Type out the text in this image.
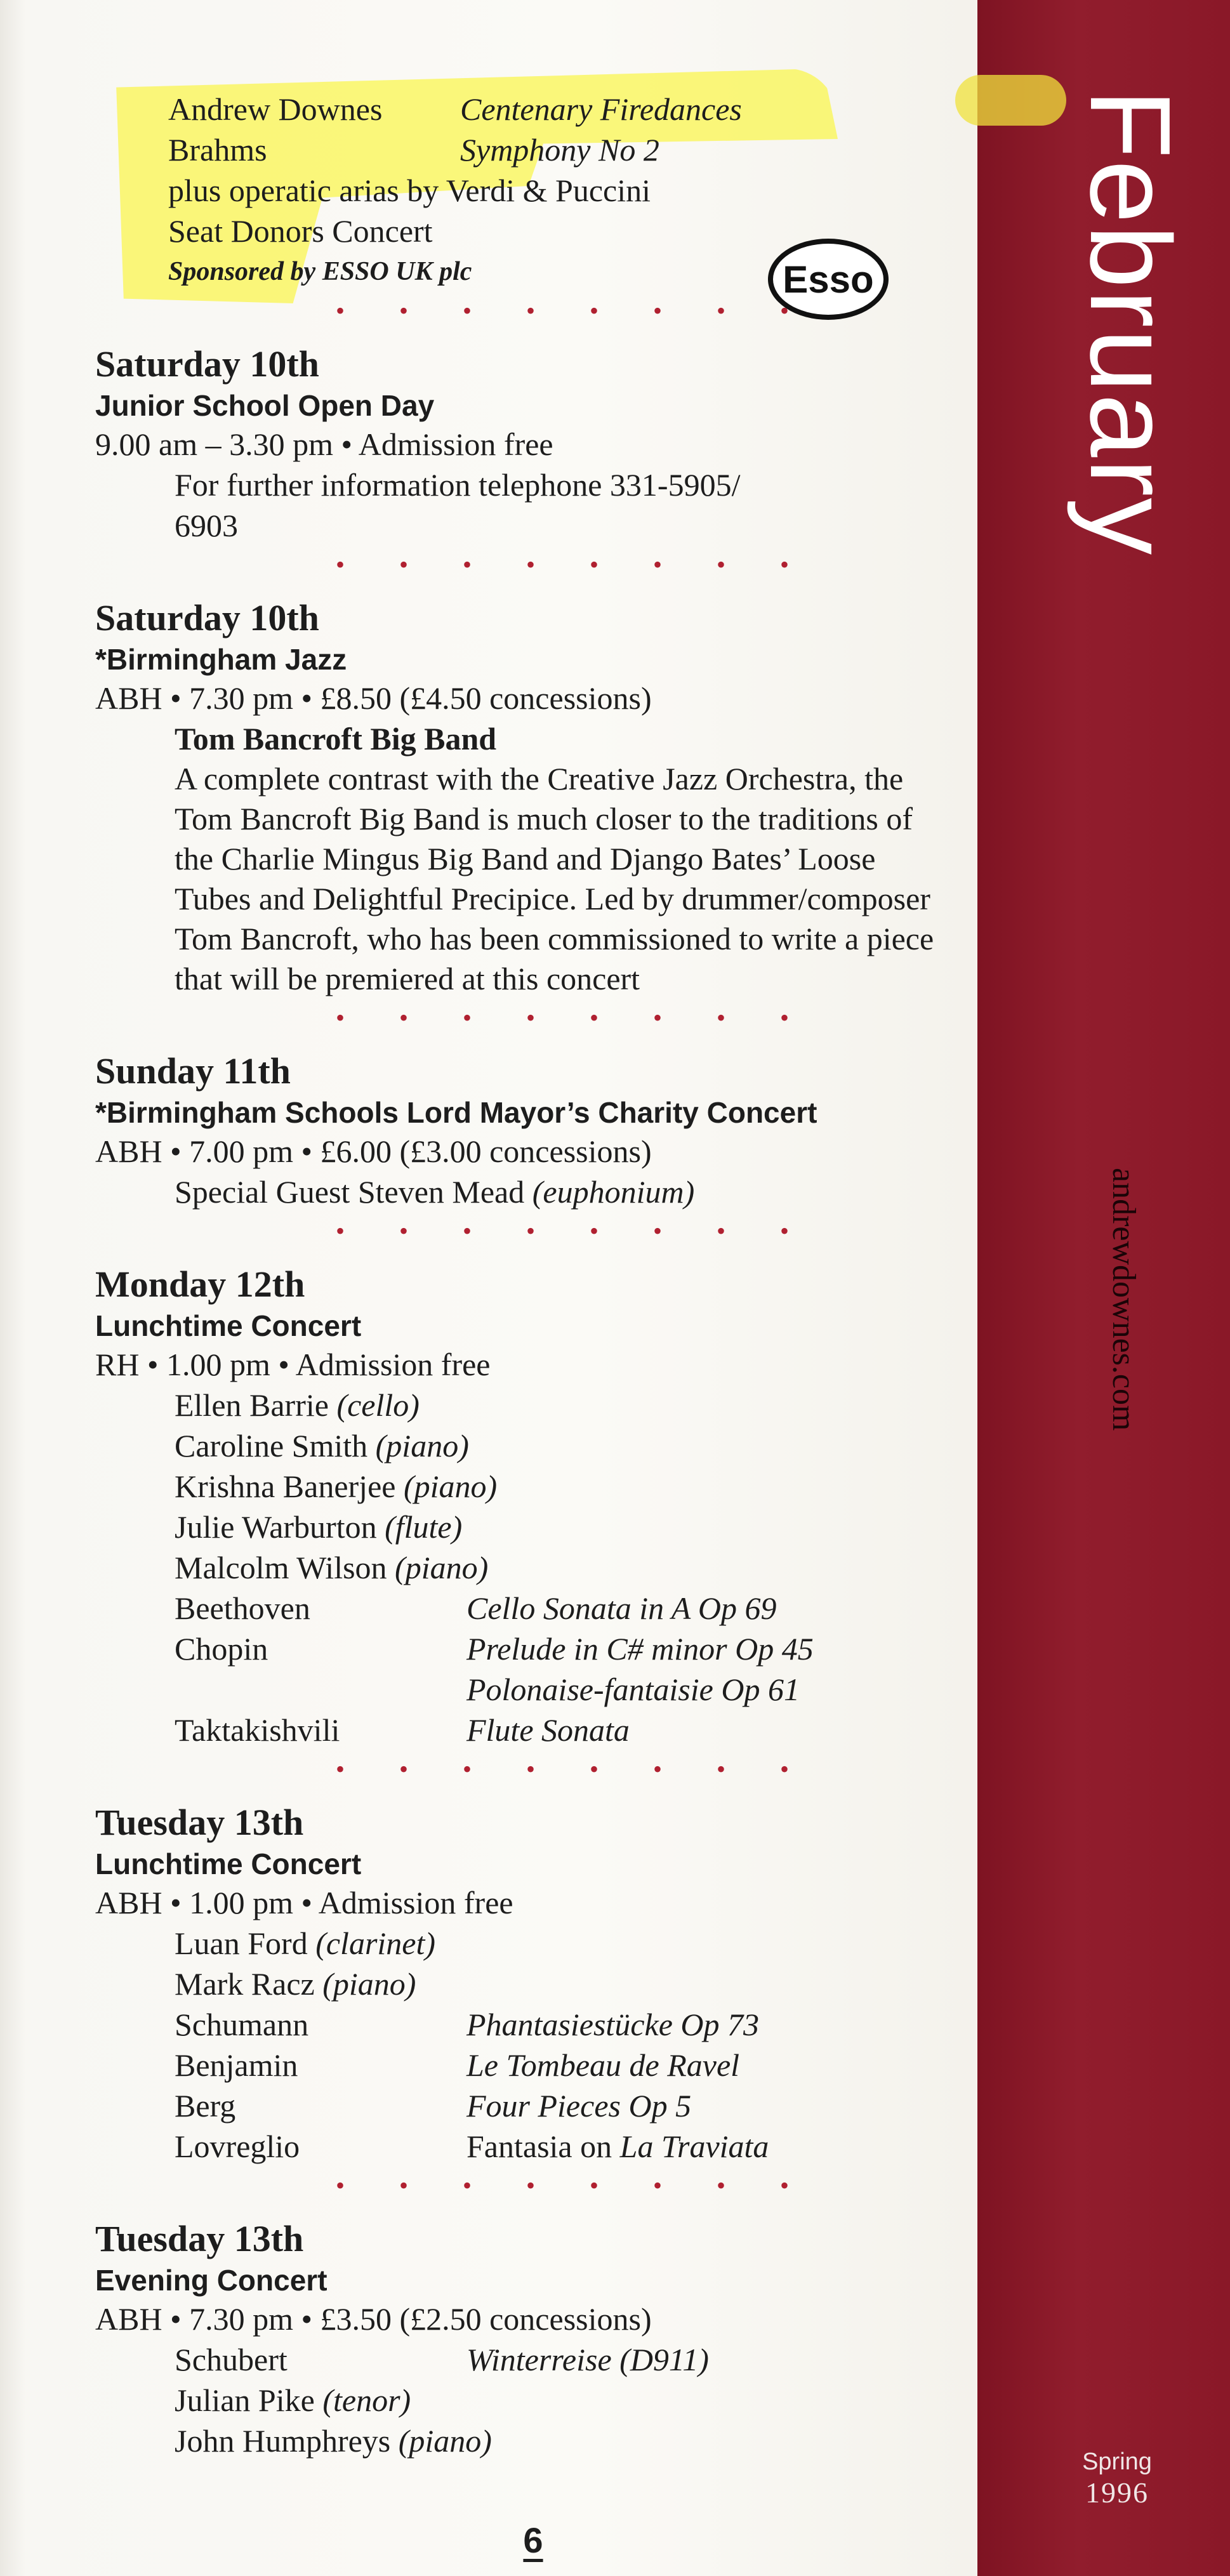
February
andrewdownes.com
Spring
1996
Esso
Andrew Downes Centenary Firedances
Brahms	Symphony No 2
plus operatic arias by Verdi & Puccini
Seat Donors Concert
Sponsored by ESSO UK plc
• • • • • • • •
Saturday 10th
Junior School Open Day
9.00 am – 3.30 pm • Admission free
For further information telephone 331-5905/
6903
• • • • • • • •
Saturday 10th
*Birmingham Jazz
ABH • 7.30 pm • £8.50 (£4.50 concessions)
Tom Bancroft Big Band
A complete contrast with the Creative Jazz Orchestra, the Tom Bancroft Big Band is much closer to the traditions of the Charlie Mingus Big Band and Django Bates’ Loose Tubes and Delightful Precipice. Led by drummer/composer Tom Bancroft, who has been commissioned to write a piece that will be premiered at this concert
• • • • • • • •
Sunday 11th
*Birmingham Schools Lord Mayor’s Charity Concert
ABH • 7.00 pm • £6.00 (£3.00 concessions)
Special Guest Steven Mead (euphonium)
• • • • • • • •
Monday 12th
Lunchtime Concert
RH • 1.00 pm • Admission free
Ellen Barrie (cello)
Caroline Smith (piano)
Krishna Banerjee (piano)
Julie Warburton (flute)
Malcolm Wilson (piano)
Beethoven	Cello Sonata in A Op 69
Chopin	Prelude in C# minor Op 45
Polonaise-fantaisie Op 61
Taktakishvili	Flute Sonata
• • • • • • • •
Tuesday 13th
Lunchtime Concert
ABH • 1.00 pm • Admission free
Luan Ford (clarinet)
Mark Racz (piano)
Schumann	Phantasiestücke Op 73
Benjamin	Le Tombeau de Ravel
Berg	Four Pieces Op 5
Lovreglio	Fantasia on La Traviata
• • • • • • • •
Tuesday 13th
Evening Concert
ABH • 7.30 pm • £3.50 (£2.50 concessions)
Schubert	Winterreise (D911)
Julian Pike (tenor)
John Humphreys (piano)
6
